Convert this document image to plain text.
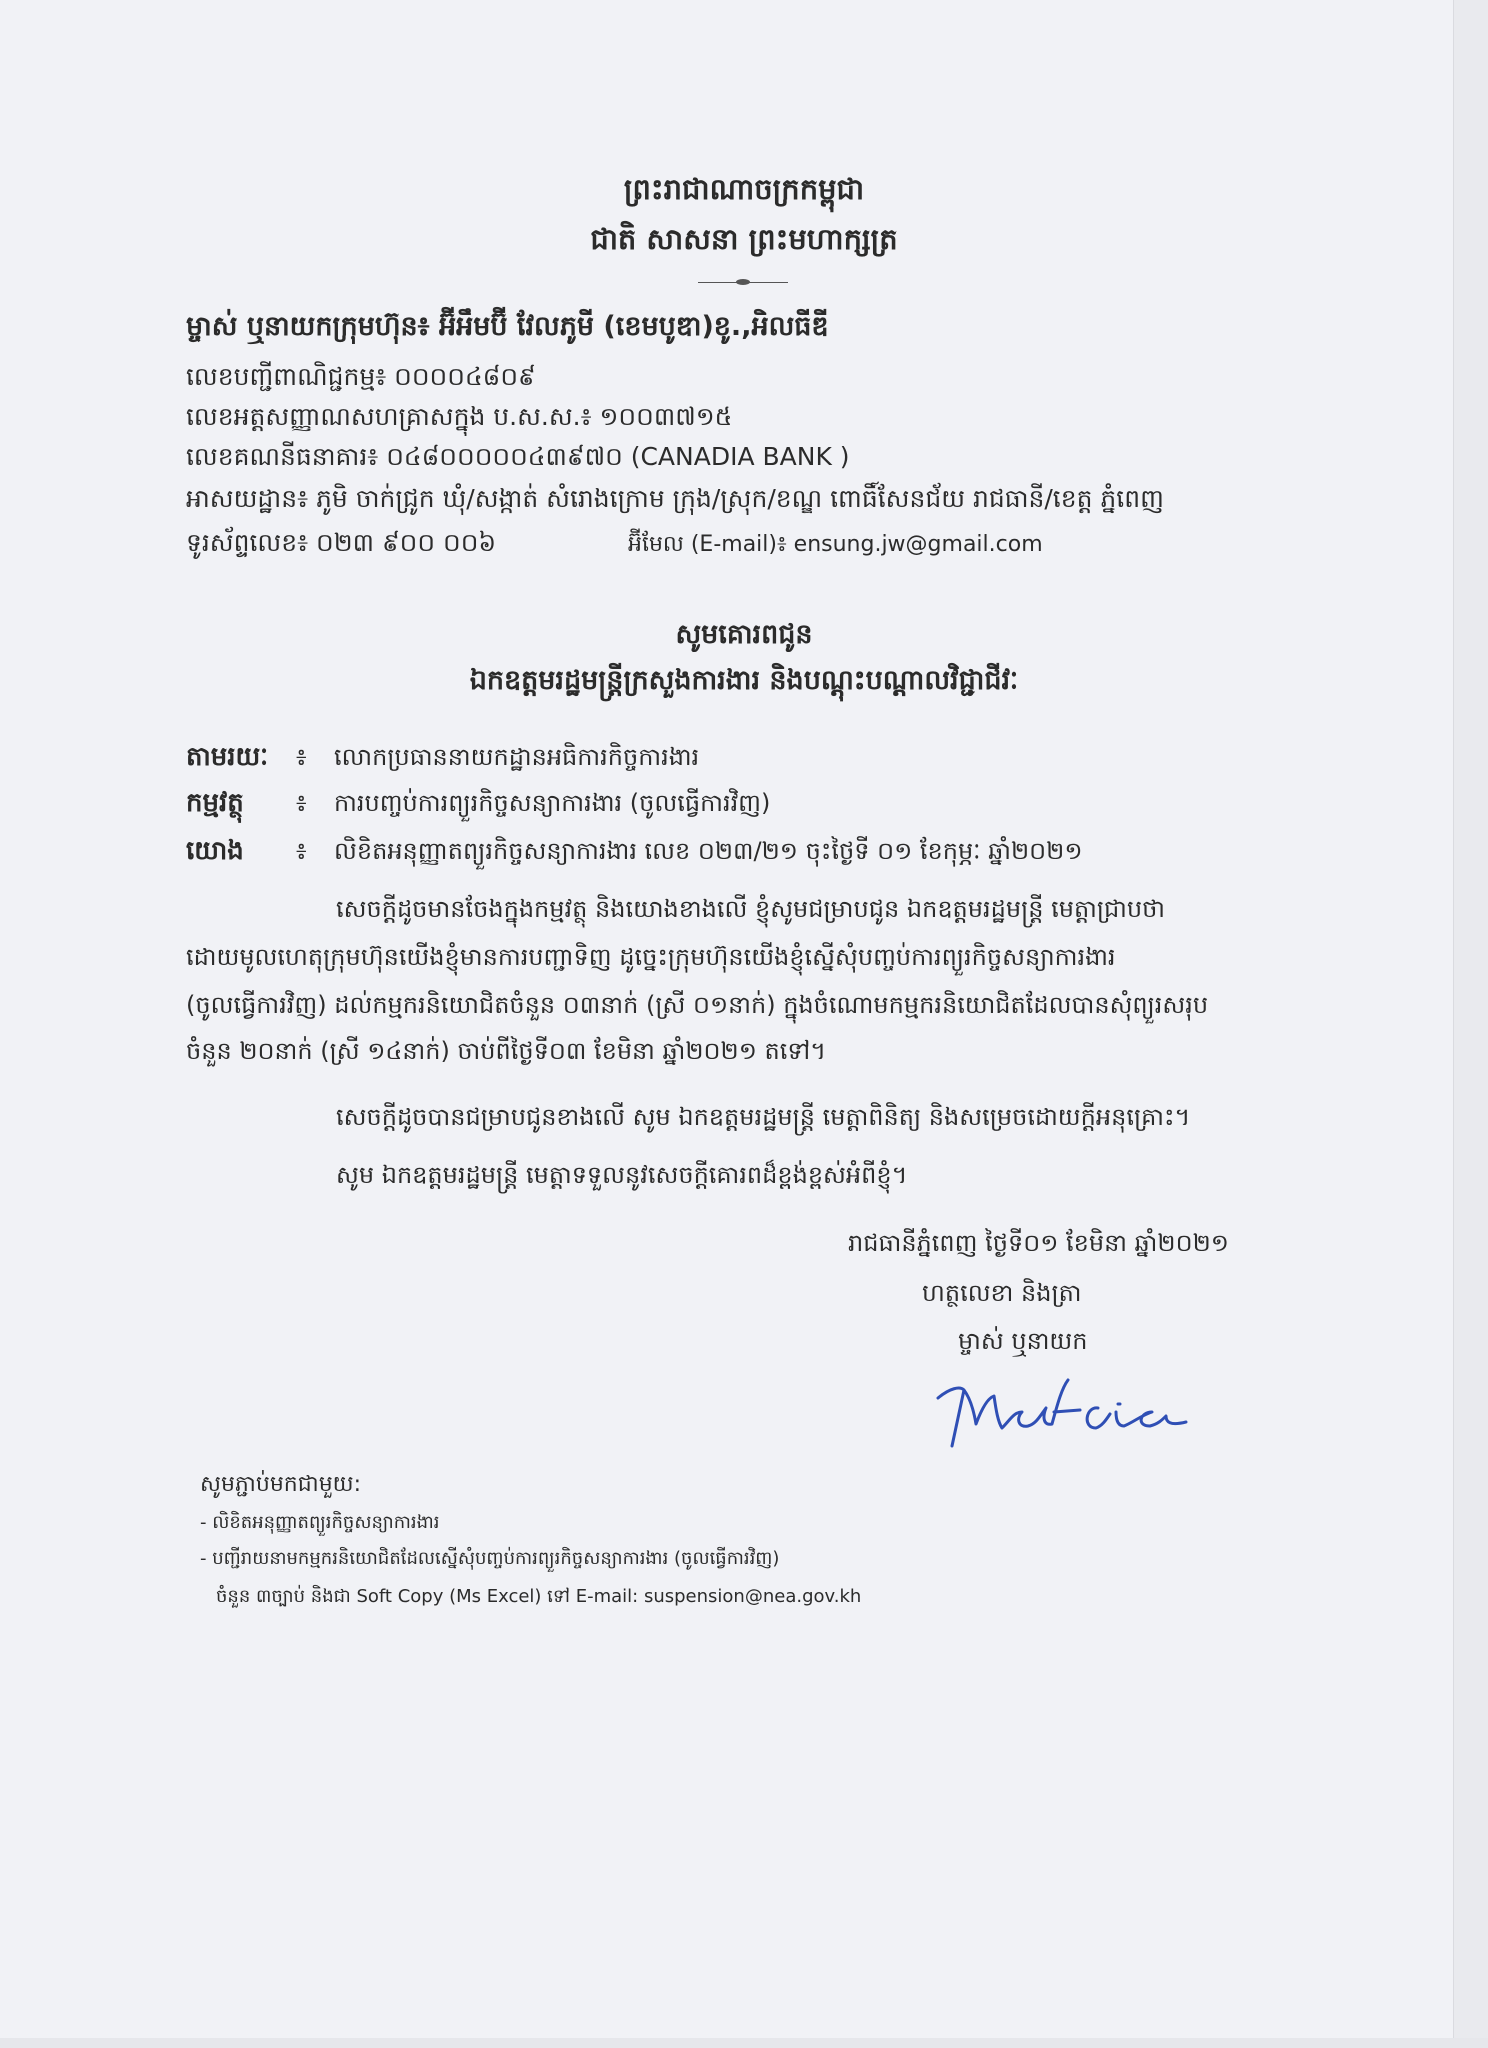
ព្រះរាជាណាចក្រកម្ពុជា
ជាតិ សាសនា ព្រះមហាក្សត្រ
ម្ចាស់ ឬនាយកក្រុមហ៊ុន៖ អ៊ីអឹមប៊ី វែលភូមី (ខេមបូឌា)ខូ.,អិលធីឌី
លេខបញ្ជីពាណិជ្ជកម្ម៖ ០០០០៤៨០៩
លេខអត្តសញ្ញាណសហគ្រាសក្នុង ប.ស.ស.៖ ១០០៣៧១៥
លេខគណនីធនាគារ៖ ០៤៨០០០០០៤៣៩៧០ (CANADIA BANK )
អាសយដ្ឋាន៖ ភូមិ ចាក់ជ្រូក ឃុំ/សង្កាត់ សំរោងក្រោម ក្រុង/ស្រុក/ខណ្ឌ ពោធិ៍សែនជ័យ រាជធានី/ខេត្ត ភ្នំពេញ
ទូរស័ព្ទលេខ៖ ០២៣ ៩០០ ០០៦	អ៊ីមែល (E-mail)៖ ensung.jw@gmail.com
សូមគោរពជូន
ឯកឧត្តមរដ្ឋមន្ត្រីក្រសួងការងារ និងបណ្តុះបណ្តាលវិជ្ជាជីវៈ
តាមរយៈ ៖ លោកប្រធាននាយកដ្ឋានអធិការកិច្ចការងារ
កម្មវត្ថុ ៖ ការបញ្ចប់ការព្យួរកិច្ចសន្យាការងារ (ចូលធ្វើការវិញ)
យោង ៖ លិខិតអនុញ្ញាតព្យួរកិច្ចសន្យាការងារ លេខ ០២៣/២១ ចុះថ្ងៃទី ០១ ខែកុម្ភៈ ឆ្នាំ២០២១
សេចក្តីដូចមានចែងក្នុងកម្មវត្ថុ និងយោងខាងលើ ខ្ញុំសូមជម្រាបជូន ឯកឧត្តមរដ្ឋមន្ត្រី មេត្តាជ្រាបថា
ដោយមូលហេតុក្រុមហ៊ុនយើងខ្ញុំមានការបញ្ជាទិញ ដូច្នេះក្រុមហ៊ុនយើងខ្ញុំស្នើសុំបញ្ចប់ការព្យួរកិច្ចសន្យាការងារ
(ចូលធ្វើការវិញ) ដល់កម្មករនិយោជិតចំនួន ០៣នាក់ (ស្រី ០១នាក់) ក្នុងចំណោមកម្មករនិយោជិតដែលបានសុំព្យួរសរុប
ចំនួន ២០នាក់ (ស្រី ១៤នាក់) ចាប់ពីថ្ងៃទី០៣ ខែមិនា ឆ្នាំ២០២១ តទៅ។
សេចក្តីដូចបានជម្រាបជូនខាងលើ សូម ឯកឧត្តមរដ្ឋមន្ត្រី មេត្តាពិនិត្យ និងសម្រេចដោយក្តីអនុគ្រោះ។
សូម ឯកឧត្តមរដ្ឋមន្ត្រី មេត្តាទទួលនូវសេចក្តីគោរពដ៏ខ្ពង់ខ្ពស់អំពីខ្ញុំ។
រាជធានីភ្នំពេញ ថ្ងៃទី០១ ខែមិនា ឆ្នាំ២០២១
ហត្ថលេខា និងត្រា
ម្ចាស់ ឬនាយក
សូមភ្ជាប់មកជាមួយ:
- លិខិតអនុញ្ញាតព្យួរកិច្ចសន្យាការងារ
- បញ្ជីរាយនាមកម្មករនិយោជិតដែលស្នើសុំបញ្ចប់ការព្យួរកិច្ចសន្យាការងារ (ចូលធ្វើការវិញ)
ចំនួន ៣ច្បាប់ និងជា Soft Copy (Ms Excel) ទៅ E-mail: suspension@nea.gov.kh
